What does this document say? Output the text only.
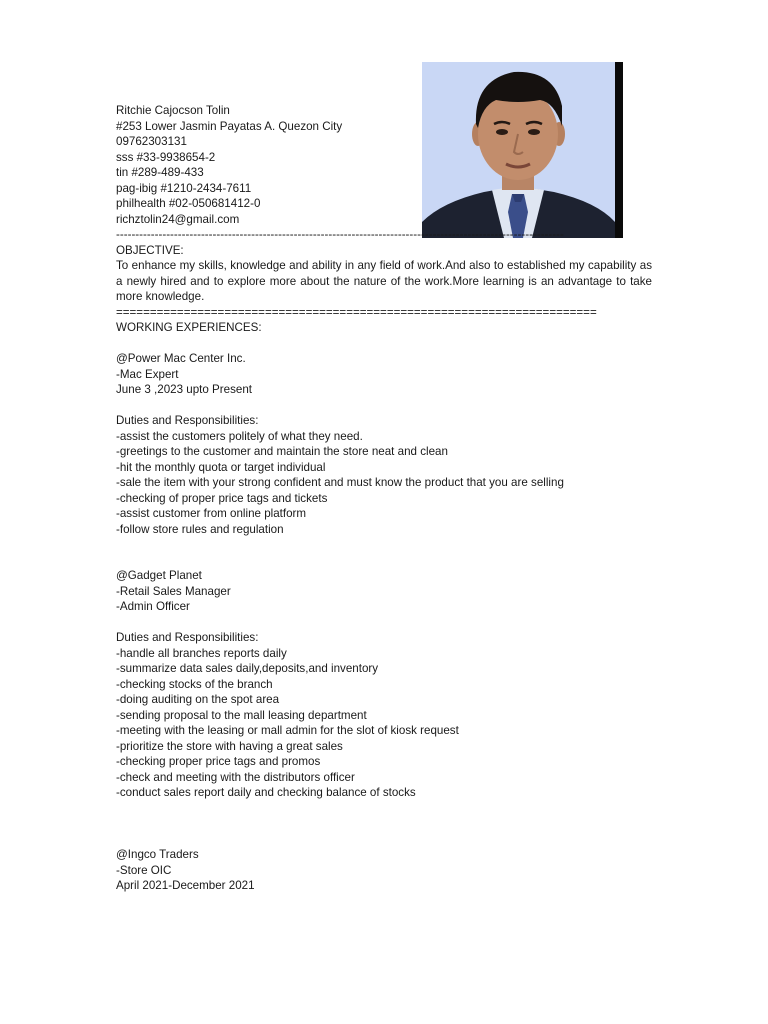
Ritchie Cajocson Tolin
#253 Lower Jasmin Payatas A. Quezon City
09762303131
sss #33-9938654-2
tin #289-489-433
pag-ibig #1210-2434-7611
philhealth #02-050681412-0
richztolin24@gmail.com
--------------------------------------------------------------------------------------------------------------------
OBJECTIVE:
To enhance my skills, knowledge and ability in any field of work.And also to established my capability as a newly hired and to explore more about the nature of the work.More learning is an advantage to take more knowledge.
=======================================================================
WORKING EXPERIENCES:
@Power Mac Center Inc.
-Mac Expert
June 3 ,2023 upto Present
Duties and Responsibilities:
-assist the customers politely of what they need.
-greetings to the customer and maintain the store neat and clean
-hit the monthly quota or target individual
-sale the item with your strong confident and must know the product that you are selling
-checking of proper price tags and tickets
-assist customer from online platform
-follow store rules and regulation
@Gadget Planet
-Retail Sales Manager
-Admin Officer
Duties and Responsibilities:
-handle all branches reports daily
-summarize data sales daily,deposits,and inventory
-checking stocks of the branch
-doing auditing on the spot area
-sending proposal to the mall leasing department
-meeting with the leasing or mall admin for the slot of kiosk request
-prioritize the store with having a great sales
-checking proper price tags and promos
-check and meeting with the distributors officer
-conduct sales report daily and checking balance of stocks
@Ingco Traders
-Store OIC
April 2021-December 2021
